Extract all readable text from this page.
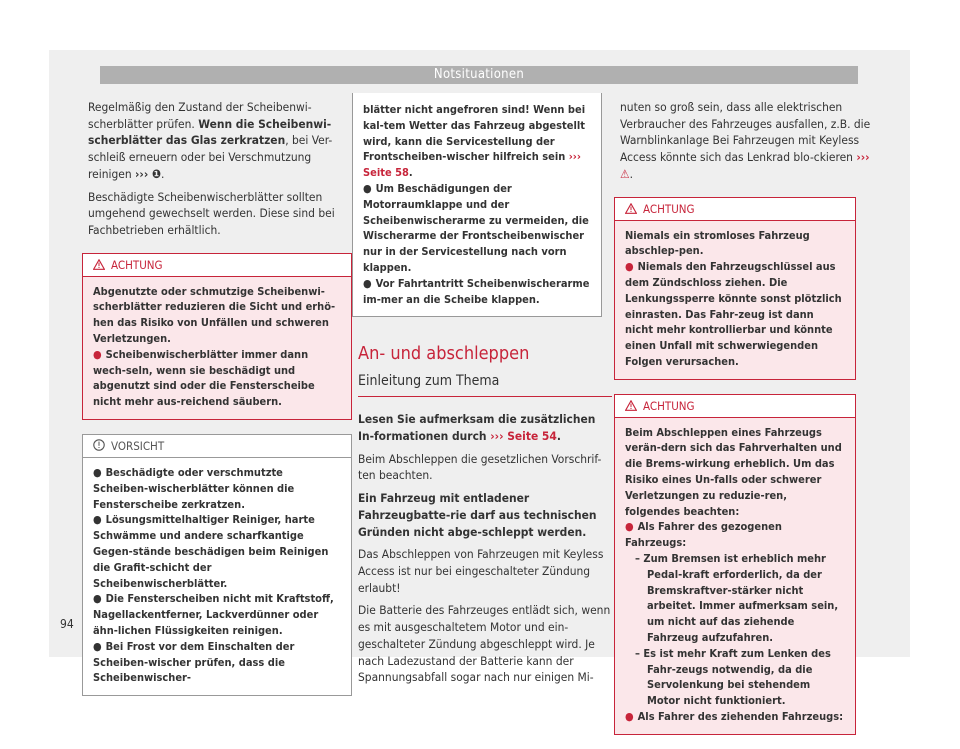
Notsituationen

Regelmäßig den Zustand der Scheibenwi-scherblätter prüfen. Wenn die Scheibenwi-scherblätter das Glas zerkratzen, bei Ver-schleiß erneuern oder bei Verschmutzung reinigen ››› ❶.

Beschädigte Scheibenwischerblätter sollten umgehend gewechselt werden. Diese sind bei Fachbetrieben erhältlich.

ACHTUNG

Abgenutzte oder schmutzige Scheibenwi-scherblätter reduzieren die Sicht und erhö-hen das Risiko von Unfällen und schweren Verletzungen.

● Scheibenwischerblätter immer dann wech-seln, wenn sie beschädigt und abgenutzt sind oder die Fensterscheibe nicht mehr aus-reichend säubern.
VORSICHT
● Beschädigte oder verschmutzte Scheiben-wischerblätter können die Fensterscheibe zerkratzen.
● Lösungsmittelhaltiger Reiniger, harte Schwämme und andere scharfkantige Gegen-stände beschädigen beim Reinigen die Grafit-schicht der Scheibenwischerblätter.
● Die Fensterscheiben nicht mit Kraftstoff, Nagellackentferner, Lackverdünner oder ähn-lichen Flüssigkeiten reinigen.
● Bei Frost vor dem Einschalten der Scheiben-wischer prüfen, dass die Scheibenwischer-

blätter nicht angefroren sind! Wenn bei kal-tem Wetter das Fahrzeug abgestellt wird, kann die Servicestellung der Frontscheiben-wischer hilfreich sein ››› Seite 58.

● Um Beschädigungen der Motorraumklappe und der Scheibenwischerarme zu vermeiden, die Wischerarme der Frontscheibenwischer nur in der Servicestellung nach vorn klappen.
● Vor Fahrtantritt Scheibenwischerarme im-mer an die Scheibe klappen.
An- und abschleppen
Einleitung zum Thema

Lesen Sie aufmerksam die zusätzlichen In-formationen durch ››› Seite 54.

Beim Abschleppen die gesetzlichen Vorschrif-ten beachten.

Ein Fahrzeug mit entladener Fahrzeugbatte-rie darf aus technischen Gründen nicht abge-schleppt werden.

Das Abschleppen von Fahrzeugen mit Keyless Access ist nur bei eingeschalteter Zündung erlaubt!

Die Batterie des Fahrzeuges entlädt sich, wenn es mit ausgeschaltetem Motor und ein-geschalteter Zündung abgeschleppt wird. Je nach Ladezustand der Batterie kann der Spannungsabfall sogar nach nur einigen Mi-

nuten so groß sein, dass alle elektrischen Verbraucher des Fahrzeuges ausfallen, z.B. die Warnblinkanlage Bei Fahrzeugen mit Keyless Access könnte sich das Lenkrad blo-ckieren ››› ⚠.

ACHTUNG

Niemals ein stromloses Fahrzeug abschlep-pen.

● Niemals den Fahrzeugschlüssel aus dem Zündschloss ziehen. Die Lenkungssperre könnte sonst plötzlich einrasten. Das Fahr-zeug ist dann nicht mehr kontrollierbar und könnte einen Unfall mit schwerwiegenden Folgen verursachen.
ACHTUNG

Beim Abschleppen eines Fahrzeugs verän-dern sich das Fahrverhalten und die Brems-wirkung erheblich. Um das Risiko eines Un-falls oder schwerer Verletzungen zu reduzie-ren, folgendes beachten:

● Als Fahrer des gezogenen Fahrzeugs:
– Zum Bremsen ist erheblich mehr Pedal-kraft erforderlich, da der Bremskraftver-stärker nicht arbeitet. Immer aufmerksam sein, um nicht auf das ziehende Fahrzeug aufzufahren.
– Es ist mehr Kraft zum Lenken des Fahr-zeugs notwendig, da die Servolenkung bei stehendem Motor nicht funktioniert.
● Als Fahrer des ziehenden Fahrzeugs:
94
